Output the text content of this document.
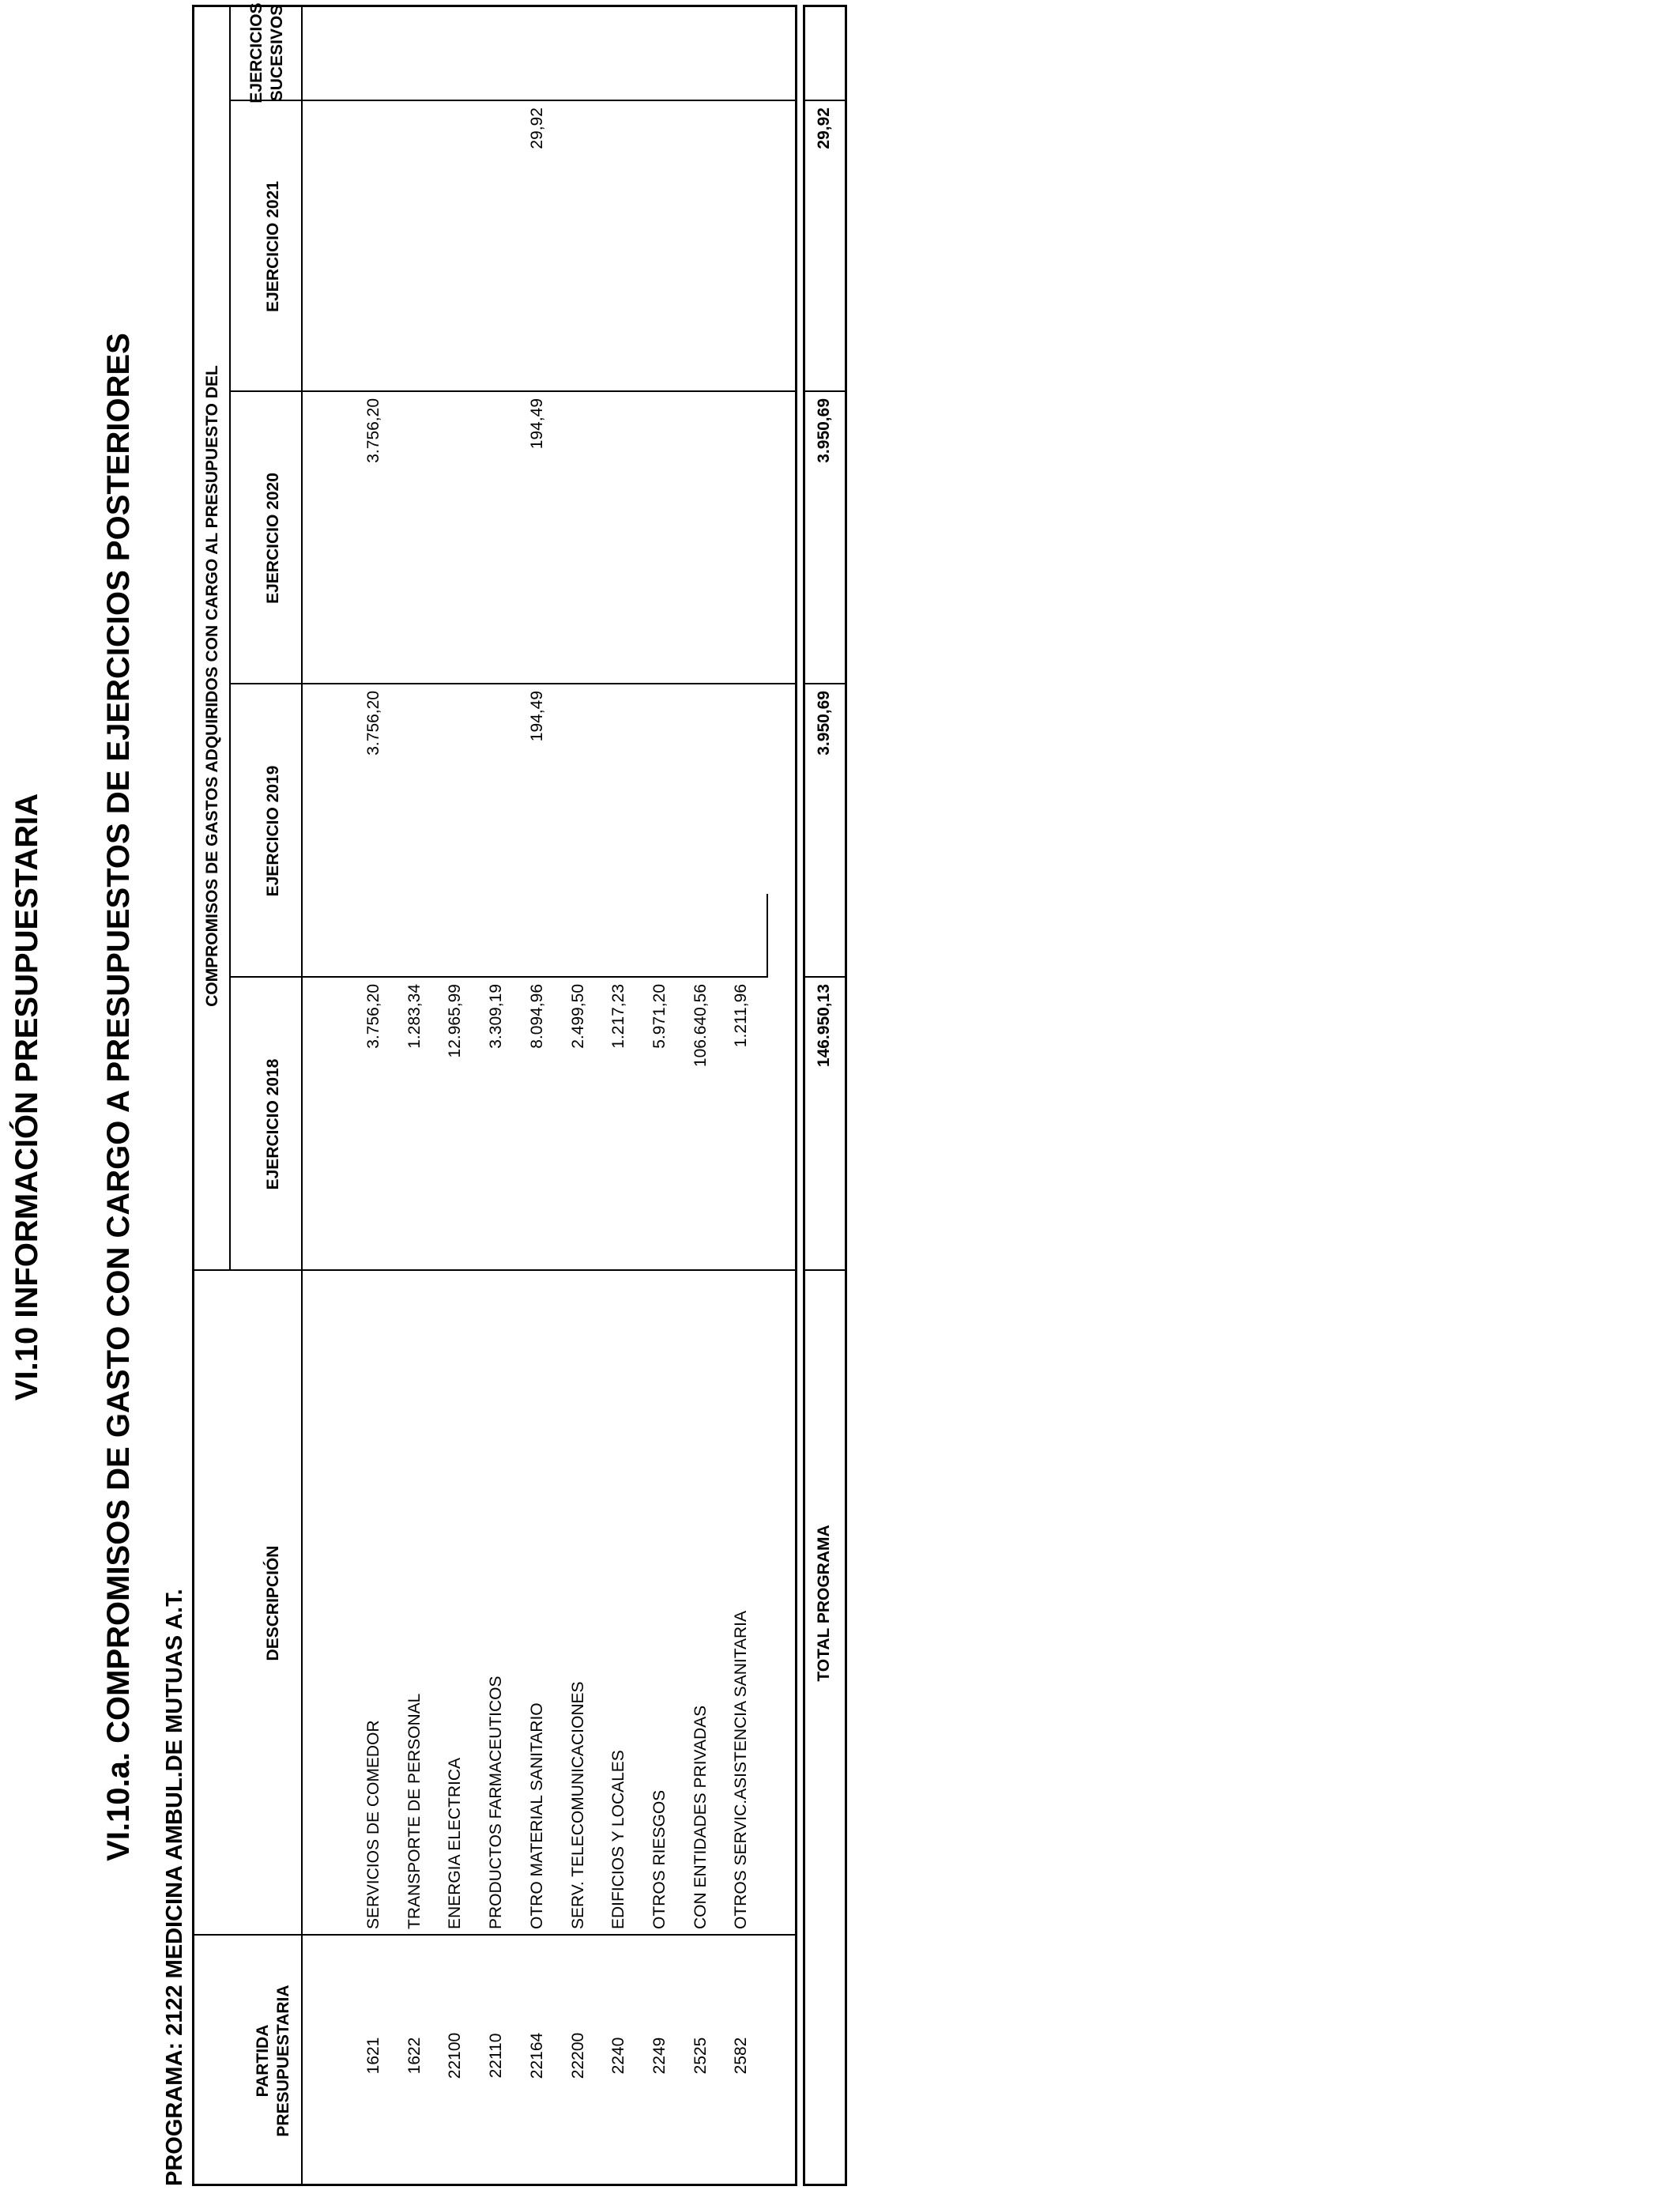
VI.10 INFORMACIÓN PRESUPUESTARIA VI.10.a. COMPROMISOS DE GASTO CON CARGO A PRESUPUESTOS DE EJERCICIOS POSTERIORES
PROGRAMA: 2122 MEDICINA AMBUL.DE MUTUAS A.T.	PARTIDA PRESUPUESTARIA
DESCRIPCIÓN
COMPROMISOS DE GASTOS ADQUIRIDOS CON CARGO AL PRESUPUESTO DEL
EJERCICIO 2018
EJERCICIO 2019
EJERCICIO 2020
EJERCICIO 2021
EJERCICIOS SUCESIVOS
1621
SERVICIOS DE COMEDOR
3.756,20
3.756,20
3.756,20
1622
TRANSPORTE DE PERSONAL
1.283,34
22100
ENERGIA ELECTRICA
12.965,99
22110
PRODUCTOS FARMACEUTICOS
3.309,19
22164
OTRO MATERIAL SANITARIO
8.094,96
194,49
194,49
29,92
22200
SERV. TELECOMUNICACIONES
2.499,50
2240
EDIFICIOS Y LOCALES
1.217,23
2249
OTROS RIESGOS
5.971,20
2525
CON ENTIDADES PRIVADAS
106.640,56
2582
OTROS SERVIC.ASISTENCIA SANITARIA
1.211,96
TOTAL PROGRAMA
146.950,13
3.950,69
3.950,69
29,92
